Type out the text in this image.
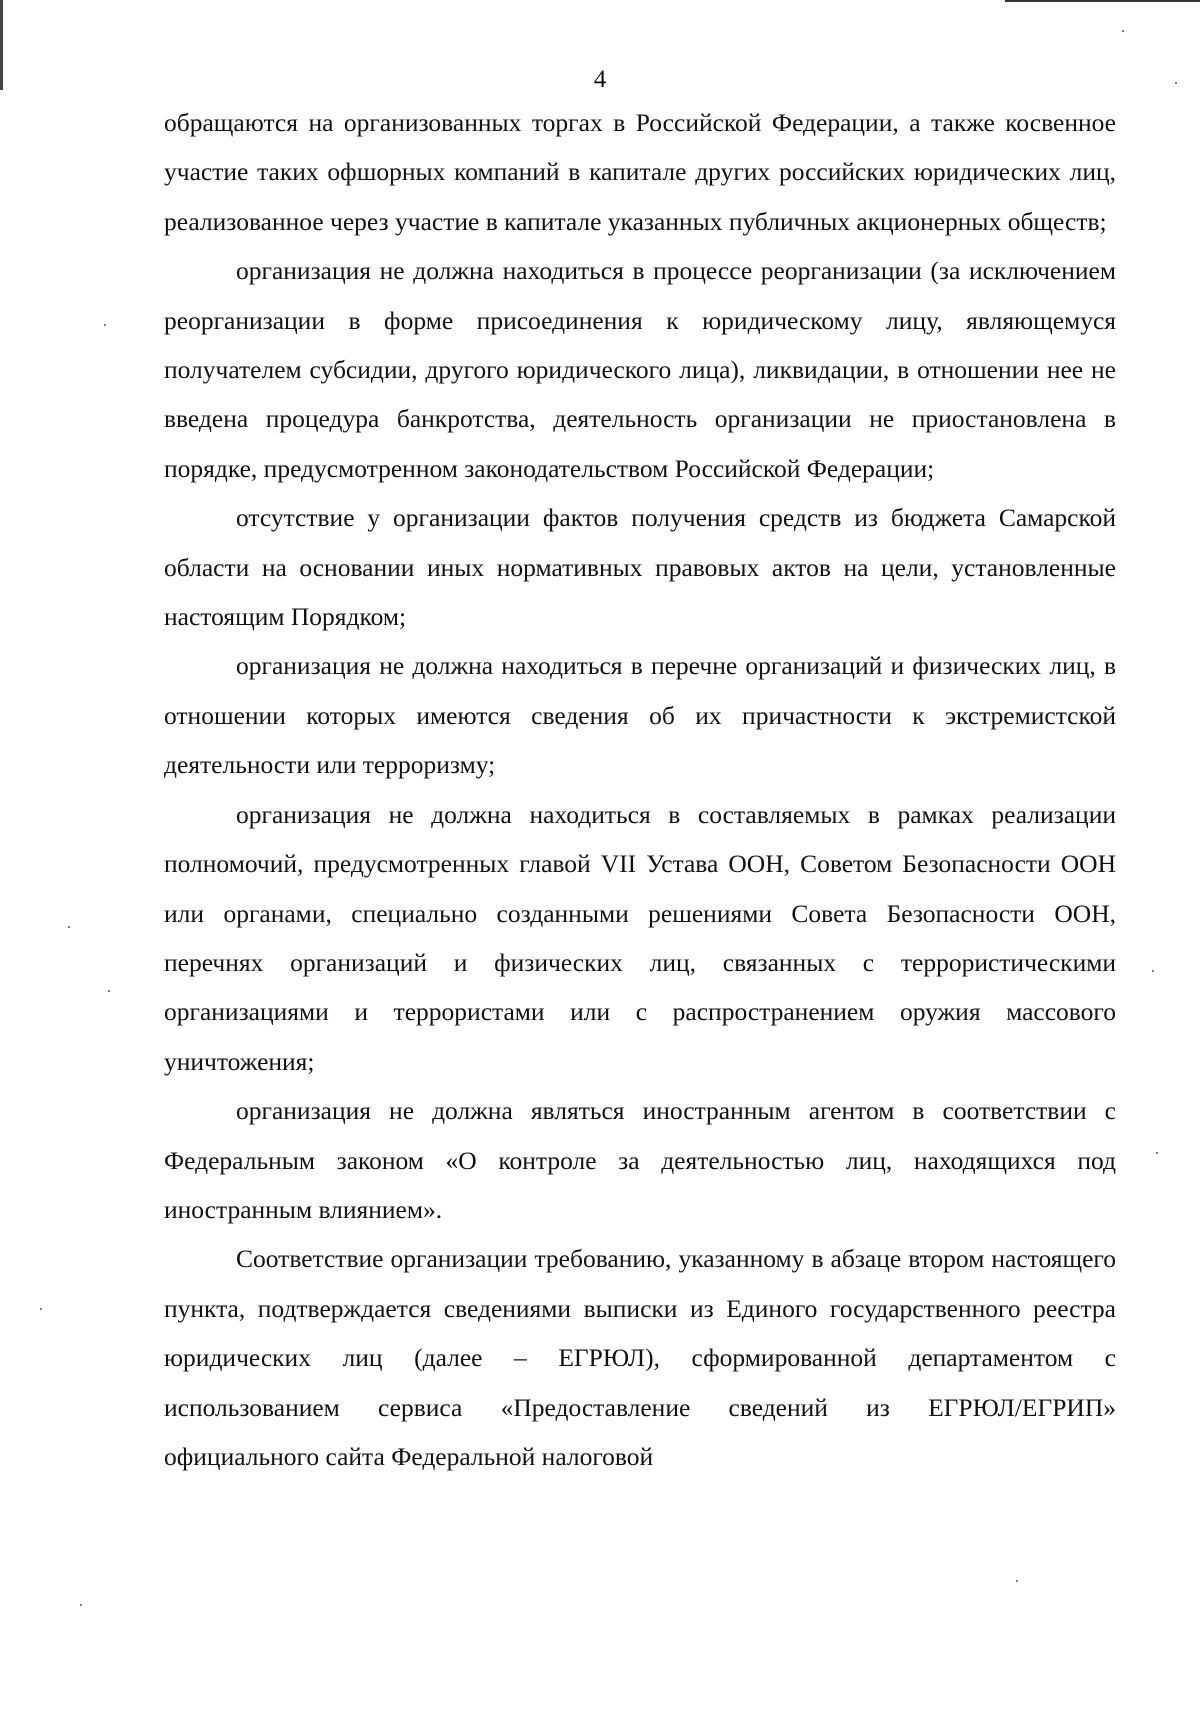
4

обращаются на организованных торгах в Российской Федерации, а также косвенное участие таких офшорных компаний в капитале других российских юридических лиц, реализованное через участие в капитале указанных публичных акционерных обществ;

организация не должна находиться в процессе реорганизации (за исключением реорганизации в форме присоединения к юридическому лицу, являющемуся получателем субсидии, другого юридического лица), ликвидации, в отношении нее не введена процедура банкротства, деятельность организации не приостановлена в порядке, предусмотренном законодательством Российской Федерации;

отсутствие у организации фактов получения средств из бюджета Самарской области на основании иных нормативных правовых актов на цели, установленные настоящим Порядком;

организация не должна находиться в перечне организаций и физических лиц, в отношении которых имеются сведения об их причастности к экстремистской деятельности или терроризму;

организация не должна находиться в составляемых в рамках реализации полномочий, предусмотренных главой VII Устава ООН, Советом Безопасности ООН или органами, специально созданными решениями Совета Безопасности ООН, перечнях организаций и физических лиц, связанных с террористическими организациями и террористами или с распространением оружия массового уничтожения;

организация не должна являться иностранным агентом в соответствии с Федеральным законом «О контроле за деятельностью лиц, находящихся под иностранным влиянием».

Соответствие организации требованию, указанному в абзаце втором настоящего пункта, подтверждается сведениями выписки из Единого государственного реестра юридических лиц (далее – ЕГРЮЛ), сформированной департаментом с использованием сервиса «Предоставление сведений из ЕГРЮЛ/ЕГРИП» официального сайта Федеральной налоговой
